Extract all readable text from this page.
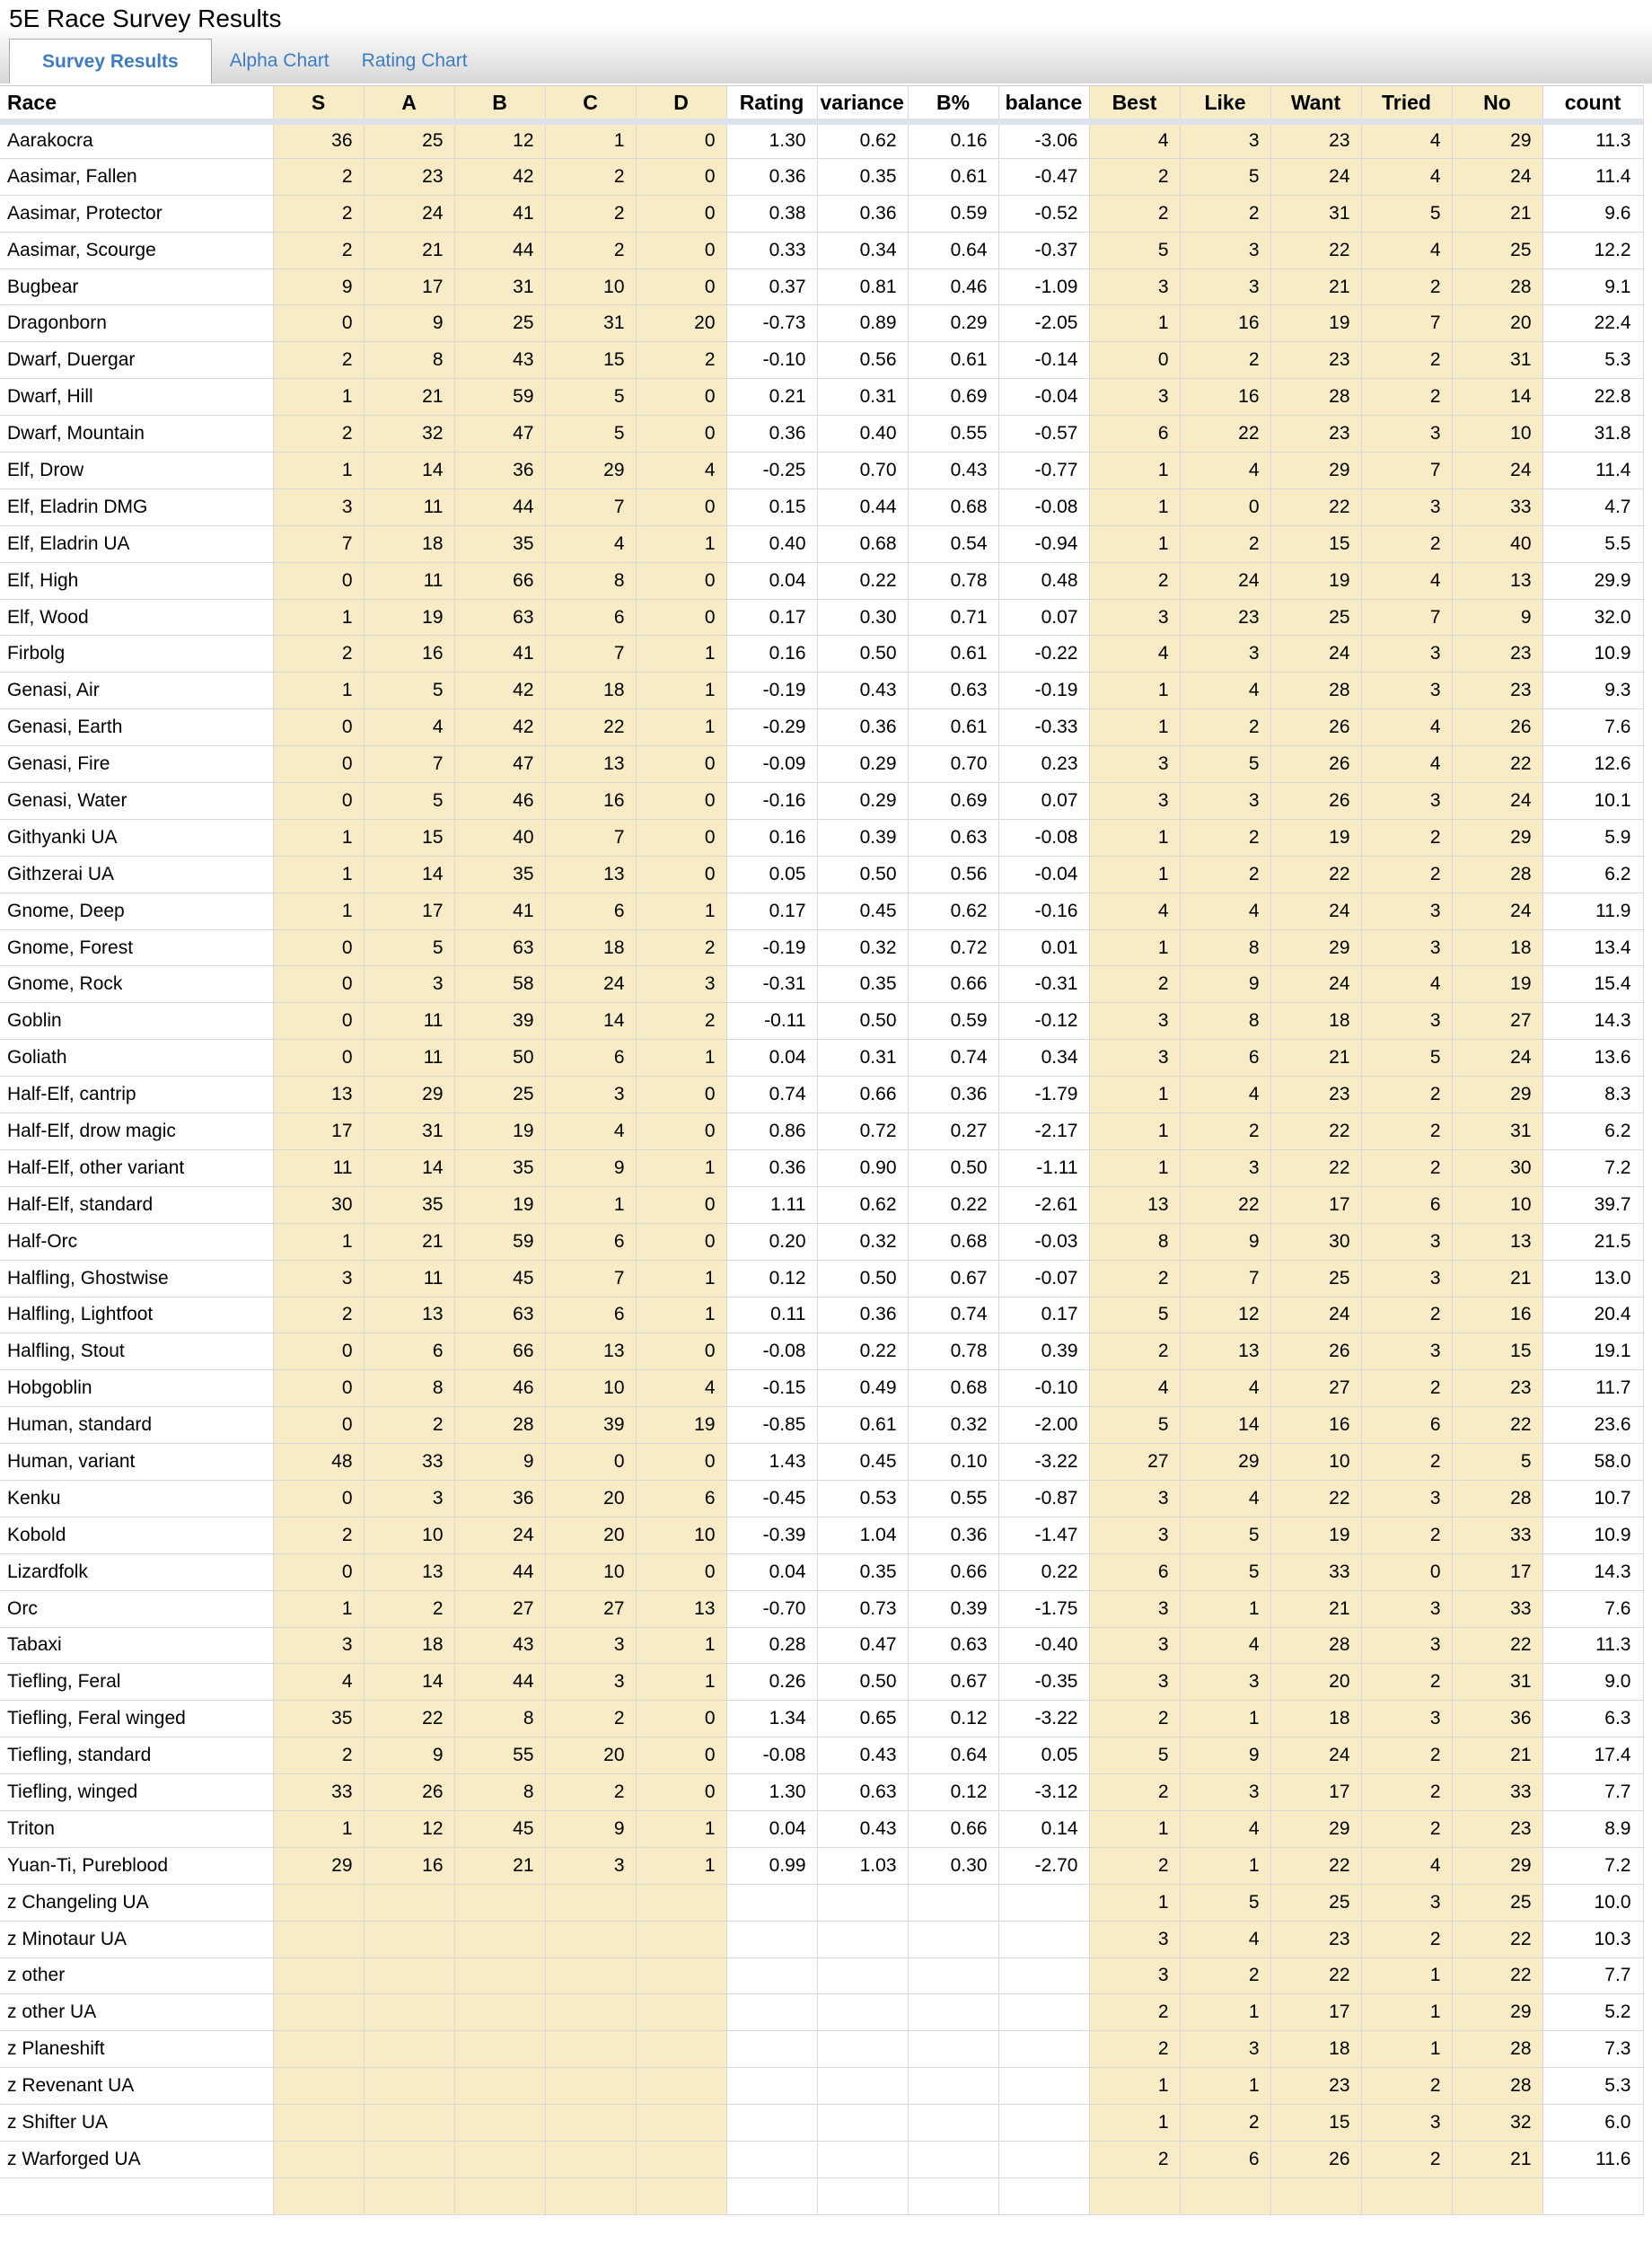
5E Race Survey Results
Survey Results	Alpha Chart	Rating Chart
Race	S	A	B	C	D	Rating	variance	B%	balance	Best	Like	Want	Tried	No	count
Aarakocra	36	25	12	1	0	1.30	0.62	0.16	-3.06	4	3	23	4	29	11.3
Aasimar, Fallen	2	23	42	2	0	0.36	0.35	0.61	-0.47	2	5	24	4	24	11.4
Aasimar, Protector	2	24	41	2	0	0.38	0.36	0.59	-0.52	2	2	31	5	21	9.6
Aasimar, Scourge	2	21	44	2	0	0.33	0.34	0.64	-0.37	5	3	22	4	25	12.2
Bugbear	9	17	31	10	0	0.37	0.81	0.46	-1.09	3	3	21	2	28	9.1
Dragonborn	0	9	25	31	20	-0.73	0.89	0.29	-2.05	1	16	19	7	20	22.4
Dwarf, Duergar	2	8	43	15	2	-0.10	0.56	0.61	-0.14	0	2	23	2	31	5.3
Dwarf, Hill	1	21	59	5	0	0.21	0.31	0.69	-0.04	3	16	28	2	14	22.8
Dwarf, Mountain	2	32	47	5	0	0.36	0.40	0.55	-0.57	6	22	23	3	10	31.8
Elf, Drow	1	14	36	29	4	-0.25	0.70	0.43	-0.77	1	4	29	7	24	11.4
Elf, Eladrin DMG	3	11	44	7	0	0.15	0.44	0.68	-0.08	1	0	22	3	33	4.7
Elf, Eladrin UA	7	18	35	4	1	0.40	0.68	0.54	-0.94	1	2	15	2	40	5.5
Elf, High	0	11	66	8	0	0.04	0.22	0.78	0.48	2	24	19	4	13	29.9
Elf, Wood	1	19	63	6	0	0.17	0.30	0.71	0.07	3	23	25	7	9	32.0
Firbolg	2	16	41	7	1	0.16	0.50	0.61	-0.22	4	3	24	3	23	10.9
Genasi, Air	1	5	42	18	1	-0.19	0.43	0.63	-0.19	1	4	28	3	23	9.3
Genasi, Earth	0	4	42	22	1	-0.29	0.36	0.61	-0.33	1	2	26	4	26	7.6
Genasi, Fire	0	7	47	13	0	-0.09	0.29	0.70	0.23	3	5	26	4	22	12.6
Genasi, Water	0	5	46	16	0	-0.16	0.29	0.69	0.07	3	3	26	3	24	10.1
Githyanki UA	1	15	40	7	0	0.16	0.39	0.63	-0.08	1	2	19	2	29	5.9
Githzerai UA	1	14	35	13	0	0.05	0.50	0.56	-0.04	1	2	22	2	28	6.2
Gnome, Deep	1	17	41	6	1	0.17	0.45	0.62	-0.16	4	4	24	3	24	11.9
Gnome, Forest	0	5	63	18	2	-0.19	0.32	0.72	0.01	1	8	29	3	18	13.4
Gnome, Rock	0	3	58	24	3	-0.31	0.35	0.66	-0.31	2	9	24	4	19	15.4
Goblin	0	11	39	14	2	-0.11	0.50	0.59	-0.12	3	8	18	3	27	14.3
Goliath	0	11	50	6	1	0.04	0.31	0.74	0.34	3	6	21	5	24	13.6
Half-Elf, cantrip	13	29	25	3	0	0.74	0.66	0.36	-1.79	1	4	23	2	29	8.3
Half-Elf, drow magic	17	31	19	4	0	0.86	0.72	0.27	-2.17	1	2	22	2	31	6.2
Half-Elf, other variant	11	14	35	9	1	0.36	0.90	0.50	-1.11	1	3	22	2	30	7.2
Half-Elf, standard	30	35	19	1	0	1.11	0.62	0.22	-2.61	13	22	17	6	10	39.7
Half-Orc	1	21	59	6	0	0.20	0.32	0.68	-0.03	8	9	30	3	13	21.5
Halfling, Ghostwise	3	11	45	7	1	0.12	0.50	0.67	-0.07	2	7	25	3	21	13.0
Halfling, Lightfoot	2	13	63	6	1	0.11	0.36	0.74	0.17	5	12	24	2	16	20.4
Halfling, Stout	0	6	66	13	0	-0.08	0.22	0.78	0.39	2	13	26	3	15	19.1
Hobgoblin	0	8	46	10	4	-0.15	0.49	0.68	-0.10	4	4	27	2	23	11.7
Human, standard	0	2	28	39	19	-0.85	0.61	0.32	-2.00	5	14	16	6	22	23.6
Human, variant	48	33	9	0	0	1.43	0.45	0.10	-3.22	27	29	10	2	5	58.0
Kenku	0	3	36	20	6	-0.45	0.53	0.55	-0.87	3	4	22	3	28	10.7
Kobold	2	10	24	20	10	-0.39	1.04	0.36	-1.47	3	5	19	2	33	10.9
Lizardfolk	0	13	44	10	0	0.04	0.35	0.66	0.22	6	5	33	0	17	14.3
Orc	1	2	27	27	13	-0.70	0.73	0.39	-1.75	3	1	21	3	33	7.6
Tabaxi	3	18	43	3	1	0.28	0.47	0.63	-0.40	3	4	28	3	22	11.3
Tiefling, Feral	4	14	44	3	1	0.26	0.50	0.67	-0.35	3	3	20	2	31	9.0
Tiefling, Feral winged	35	22	8	2	0	1.34	0.65	0.12	-3.22	2	1	18	3	36	6.3
Tiefling, standard	2	9	55	20	0	-0.08	0.43	0.64	0.05	5	9	24	2	21	17.4
Tiefling, winged	33	26	8	2	0	1.30	0.63	0.12	-3.12	2	3	17	2	33	7.7
Triton	1	12	45	9	1	0.04	0.43	0.66	0.14	1	4	29	2	23	8.9
Yuan-Ti, Pureblood	29	16	21	3	1	0.99	1.03	0.30	-2.70	2	1	22	4	29	7.2
z Changeling UA										1	5	25	3	25	10.0
z Minotaur UA										3	4	23	2	22	10.3
z other										3	2	22	1	22	7.7
z other UA										2	1	17	1	29	5.2
z Planeshift										2	3	18	1	28	7.3
z Revenant UA										1	1	23	2	28	5.3
z Shifter UA										1	2	15	3	32	6.0
z Warforged UA										2	6	26	2	21	11.6
